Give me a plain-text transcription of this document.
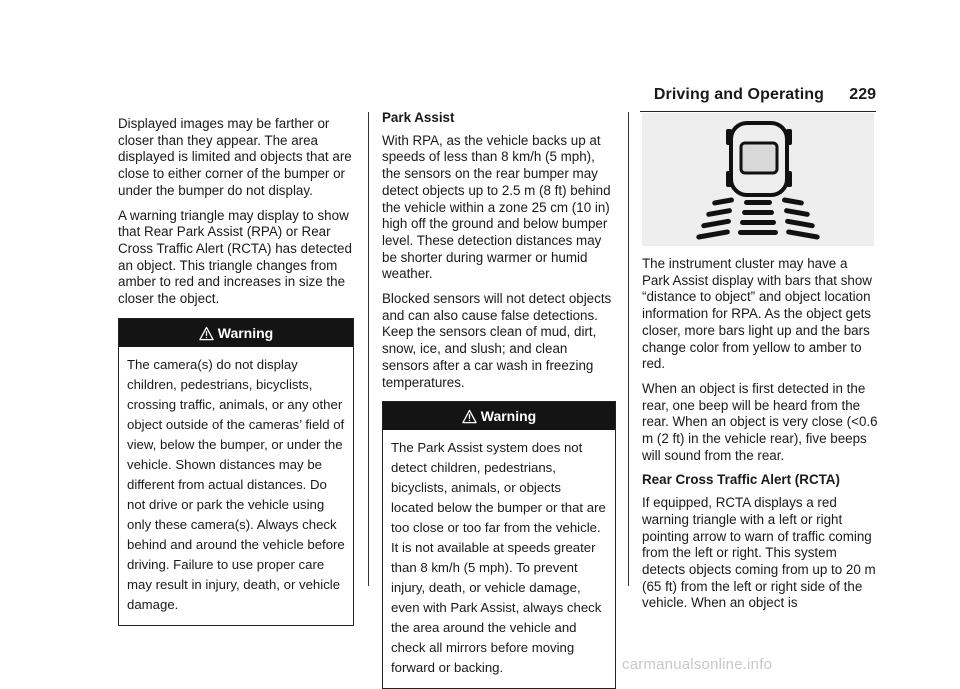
Driving and Operating 229

Displayed images may be farther or closer than they appear. The area displayed is limited and objects that are close to either corner of the bumper or under the bumper do not display.

A warning triangle may display to show that Rear Park Assist (RPA) or Rear Cross Traffic Alert (RCTA) has detected an object. This triangle changes from amber to red and increases in size the closer the object.

Warning
The camera(s) do not display children, pedestrians, bicyclists, crossing traffic, animals, or any other object outside of the cameras’ field of view, below the bumper, or under the vehicle. Shown distances may be different from actual distances. Do not drive or park the vehicle using only these camera(s). Always check behind and around the vehicle before driving. Failure to use proper care may result in injury, death, or vehicle damage.

Park Assist

With RPA, as the vehicle backs up at speeds of less than 8 km/h (5 mph), the sensors on the rear bumper may detect objects up to 2.5 m (8 ft) behind the vehicle within a zone 25 cm (10 in) high off the ground and below bumper level. These detection distances may be shorter during warmer or humid weather.

Blocked sensors will not detect objects and can also cause false detections. Keep the sensors clean of mud, dirt, snow, ice, and slush; and clean sensors after a car wash in freezing temperatures.

Warning
The Park Assist system does not detect children, pedestrians, bicyclists, animals, or objects located below the bumper or that are too close or too far from the vehicle. It is not available at speeds greater than 8 km/h (5 mph). To prevent injury, death, or vehicle damage, even with Park Assist, always check the area around the vehicle and check all mirrors before moving forward or backing.

The instrument cluster may have a Park Assist display with bars that show “distance to object” and object location information for RPA. As the object gets closer, more bars light up and the bars change color from yellow to amber to red.

When an object is first detected in the rear, one beep will be heard from the rear. When an object is very close (<0.6 m (2 ft) in the vehicle rear), five beeps will sound from the rear.

Rear Cross Traffic Alert (RCTA)

If equipped, RCTA displays a red warning triangle with a left or right pointing arrow to warn of traffic coming from the left or right. This system detects objects coming from up to 20 m (65 ft) from the left or right side of the vehicle. When an object is

carmanualsonline.info
